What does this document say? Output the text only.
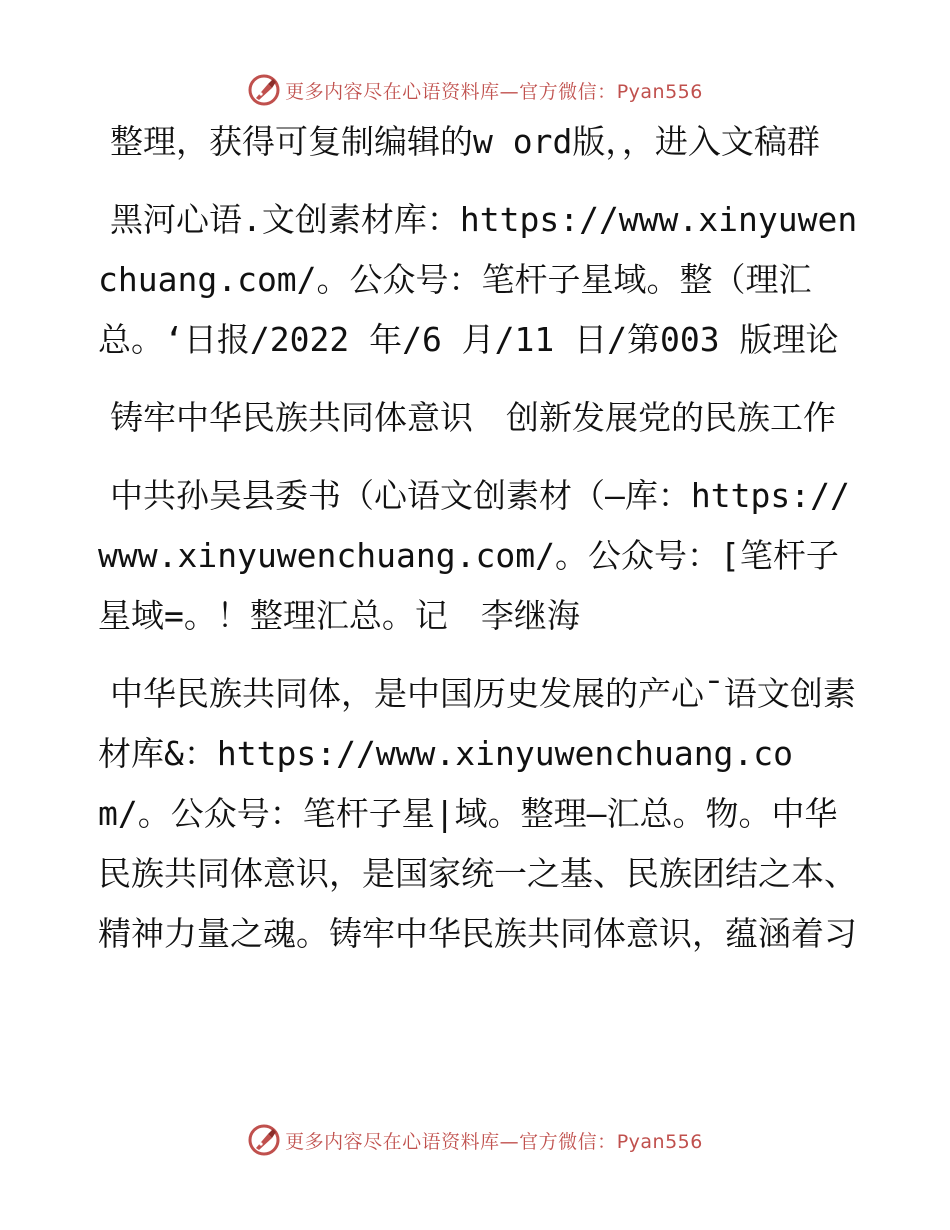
更多内容尽在心语资料库—官方微信：Pyan556

整理，获得可复制编辑的w ord版，，进入文稿群

黑河心语.文创素材库：https://www.xinyuwenchuang.com/。公众号：笔杆子星域。整（理汇总。‘日报/2022 年/6 月/11 日/第003 版理论

铸牢中华民族共同体意识　创新发展党的民族工作

中共孙吴县委书（心语文创素材（—库：https://www.xinyuwenchuang.com/。公众号：[笔杆子星域=。！整理汇总。记　李继海

中华民族共同体，是中国历史发展的产心¯语文创素材库&：https://www.xinyuwenchuang.com/。公众号：笔杆子星|域。整理—汇总。物。中华民族共同体意识，是国家统一之基、民族团结之本、精神力量之魂。铸牢中华民族共同体意识，蕴涵着习

更多内容尽在心语资料库—官方微信：Pyan556
